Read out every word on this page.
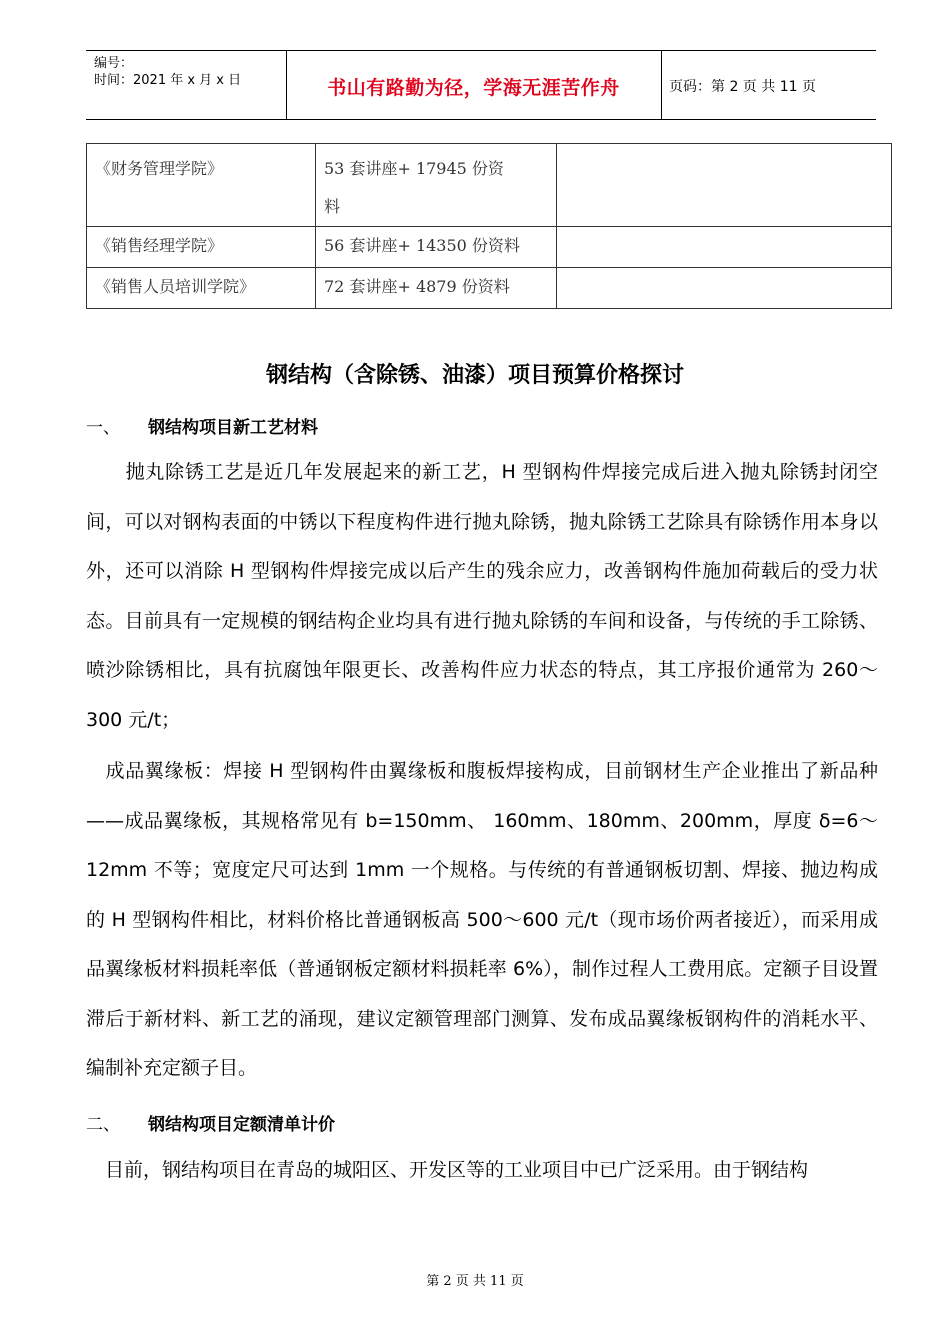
编号：
时间：2021 年 x 月 x 日	书山有路勤为径，学海无涯苦作舟	页码：第 2 页 共 11 页
《财务管理学院》	53 套讲座+ 17945 份资
料	

《销售经理学院》	56 套讲座+ 14350 份资料	
《销售人员培训学院》	72 套讲座+ 4879 份资料	
钢结构（含除锈、油漆）项目预算价格探讨
一、 钢结构项目新工艺材料

　　抛丸除锈工艺是近几年发展起来的新工艺，H 型钢构件焊接完成后进入抛丸除锈封闭空间，可以对钢构表面的中锈以下程度构件进行抛丸除锈，抛丸除锈工艺除具有除锈作用本身以外，还可以消除 H 型钢构件焊接完成以后产生的残余应力，改善钢构件施加荷载后的受力状态。目前具有一定规模的钢结构企业均具有进行抛丸除锈的车间和设备，与传统的手工除锈、喷沙除锈相比，具有抗腐蚀年限更长、改善构件应力状态的特点，其工序报价通常为 260～300 元/t；

　成品翼缘板：焊接 H 型钢构件由翼缘板和腹板焊接构成，目前钢材生产企业推出了新品种——成品翼缘板，其规格常见有 b=150mm、 160mm、180mm、200mm，厚度 δ=6～12mm 不等；宽度定尺可达到 1mm 一个规格。与传统的有普通钢板切割、焊接、抛边构成的 H 型钢构件相比，材料价格比普通钢板高 500～600 元/t（现市场价两者接近），而采用成品翼缘板材料损耗率低（普通钢板定额材料损耗率 6%），制作过程人工费用底。定额子目设置滞后于新材料、新工艺的涌现，建议定额管理部门测算、发布成品翼缘板钢构件的消耗水平、编制补充定额子目。

二、 钢结构项目定额清单计价

　目前，钢结构项目在青岛的城阳区、开发区等的工业项目中已广泛采用。由于钢结构

第 2 页 共 11 页
